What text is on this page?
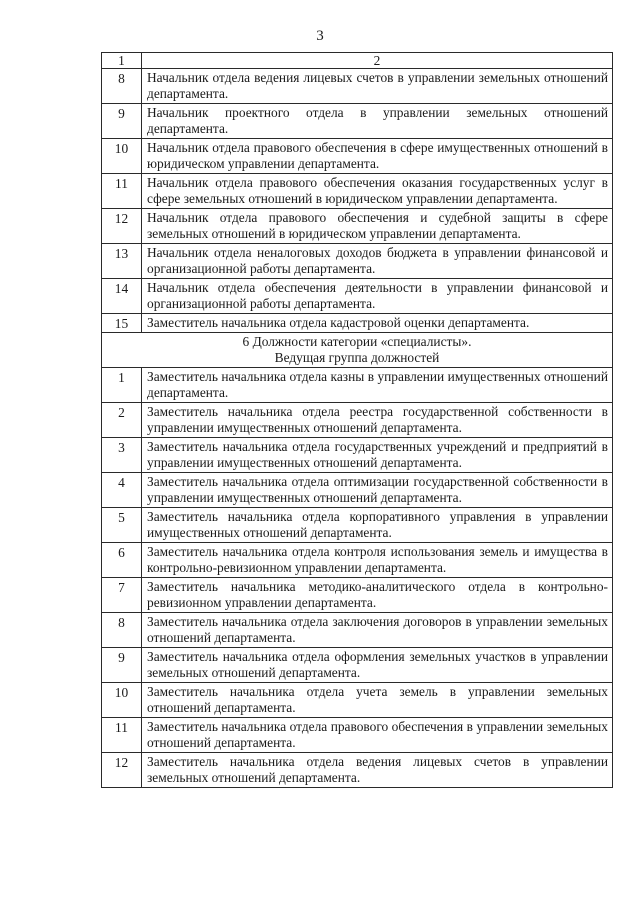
3
1	2
8	Начальник отдела ведения лицевых счетов в управлении земельных отношений департамента.
9	Начальник проектного отдела в управлении земельных отношений департамента.
10	Начальник отдела правового обеспечения в сфере имущественных отношений в юридическом управлении департамента.
11	Начальник отдела правового обеспечения оказания государственных услуг в сфере земельных отношений в юридическом управлении департамента.
12	Начальник отдела правового обеспечения и судебной защиты в сфере земельных отношений в юридическом управлении департамента.
13	Начальник отдела неналоговых доходов бюджета в управлении финансовой и организационной работы департамента.
14	Начальник отдела обеспечения деятельности в управлении финансовой и организационной работы департамента.
15	Заместитель начальника отдела кадастровой оценки департамента.

6 Должности категории «специалисты».
Ведущая группа должностей	

1	Заместитель начальника отдела казны в управлении имущественных отношений департамента.
2	Заместитель начальника отдела реестра государственной собственности в управлении имущественных отношений департамента.
3	Заместитель начальника отдела государственных учреждений и предприятий в управлении имущественных отношений департамента.
4	Заместитель начальника отдела оптимизации государственной собственности в управлении имущественных отношений департамента.
5	Заместитель начальника отдела корпоративного управления в управлении имущественных отношений департамента.
6	Заместитель начальника отдела контроля использования земель и имущества в контрольно-ревизионном управлении департамента.
7	Заместитель начальника методико-аналитического отдела в контрольно-ревизионном управлении департамента.
8	Заместитель начальника отдела заключения договоров в управлении земельных отношений департамента.
9	Заместитель начальника отдела оформления земельных участков в управлении земельных отношений департамента.
10	Заместитель начальника отдела учета земель в управлении земельных отношений департамента.
11	Заместитель начальника отдела правового обеспечения в управлении земельных отношений департамента.
12	Заместитель начальника отдела ведения лицевых счетов в управлении земельных отношений департамента.
